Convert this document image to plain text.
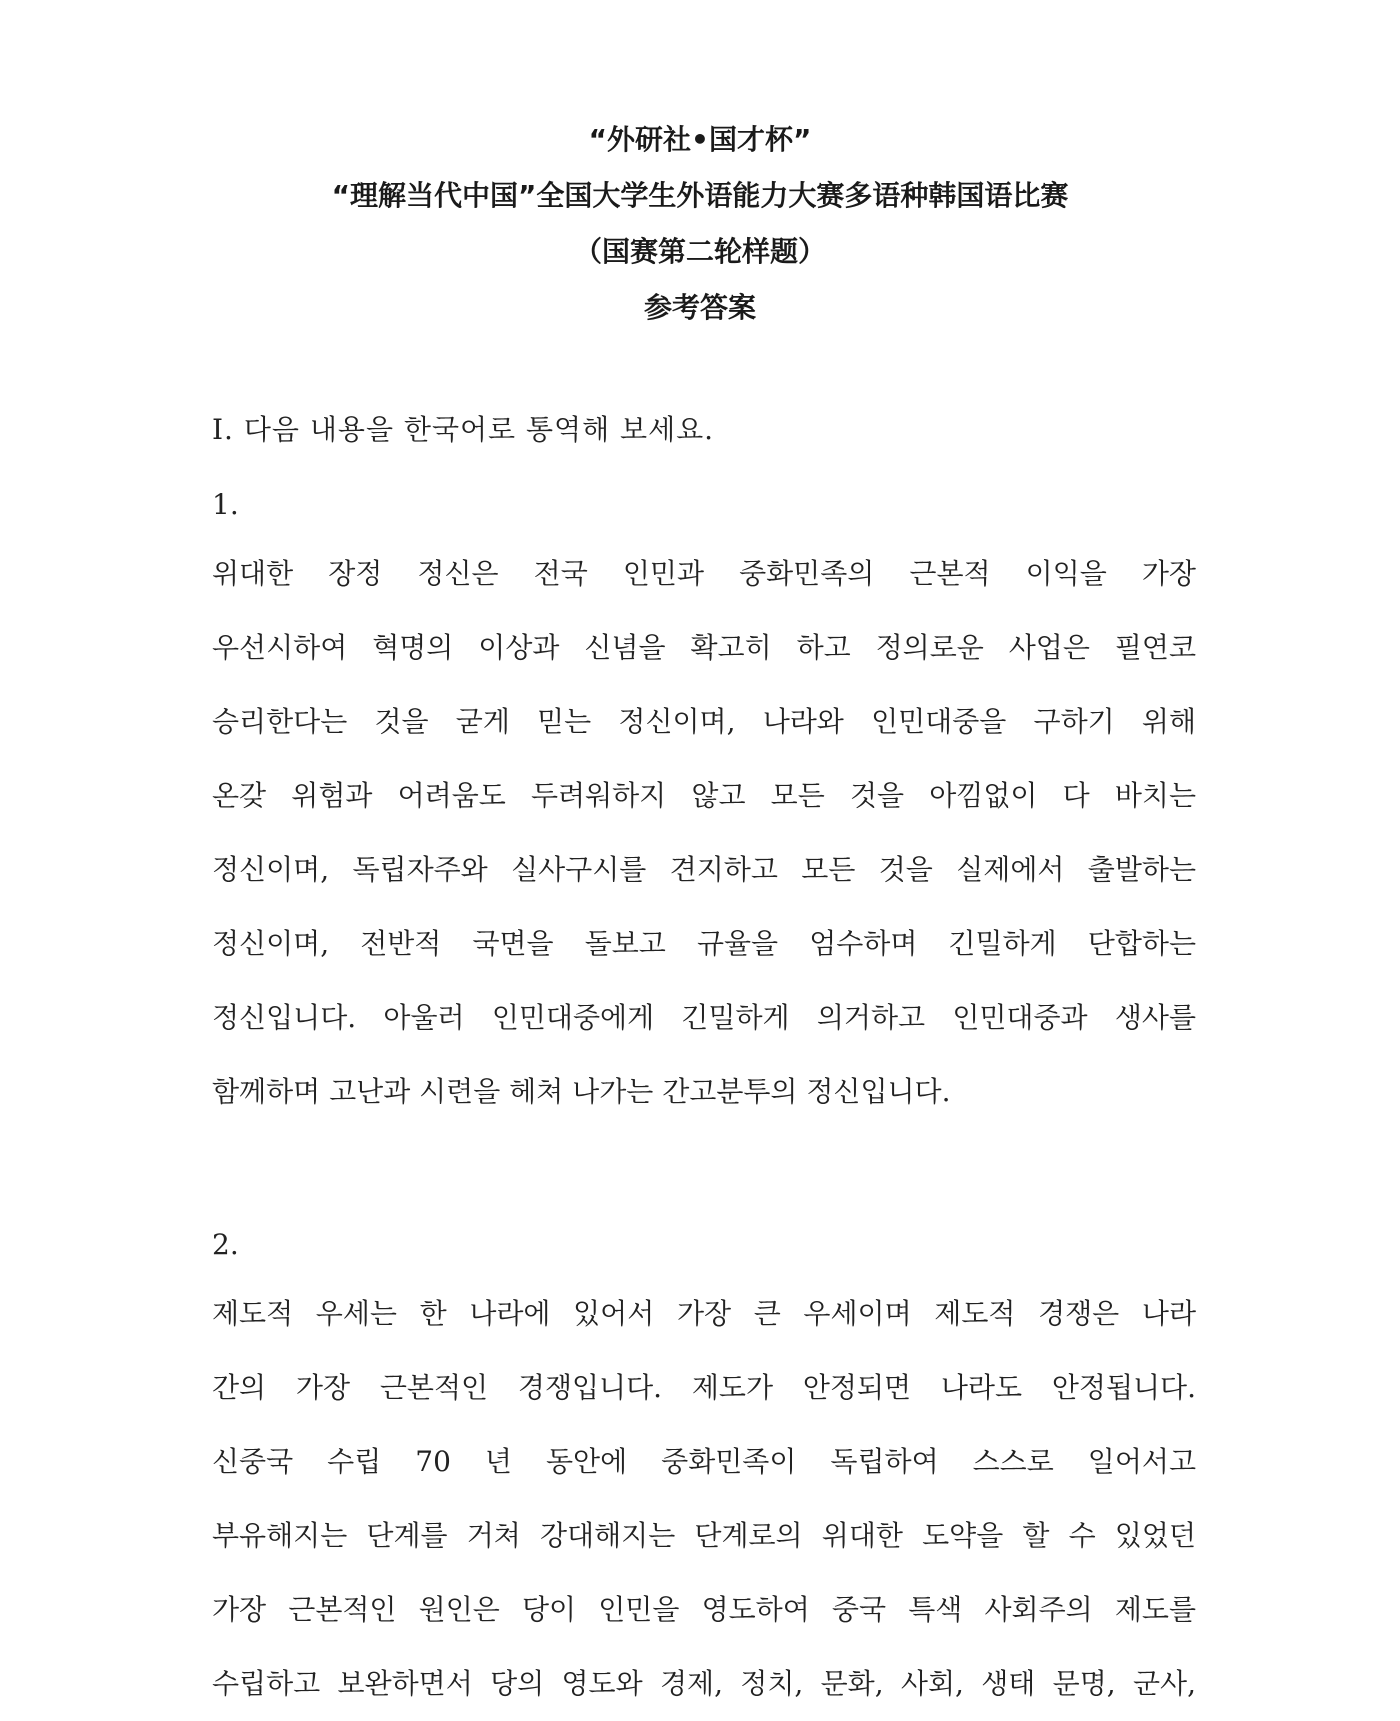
“外研社•国才杯”
“理解当代中国”全国大学生外语能力大赛多语种韩国语比赛
（国赛第二轮样题）
参考答案
I. 다음 내용을 한국어로 통역해 보세요.
1.
위대한 장정 정신은 전국 인민과 중화민족의 근본적 이익을 가장
우선시하여 혁명의 이상과 신념을 확고히 하고 정의로운 사업은 필연코
승리한다는 것을 굳게 믿는 정신이며, 나라와 인민대중을 구하기 위해
온갖 위험과 어려움도 두려워하지 않고 모든 것을 아낌없이 다 바치는
정신이며, 독립자주와 실사구시를 견지하고 모든 것을 실제에서 출발하는
정신이며, 전반적 국면을 돌보고 규율을 엄수하며 긴밀하게 단합하는
정신입니다. 아울러 인민대중에게 긴밀하게 의거하고 인민대중과 생사를
함께하며 고난과 시련을 헤쳐 나가는 간고분투의 정신입니다.
2.
제도적 우세는 한 나라에 있어서 가장 큰 우세이며 제도적 경쟁은 나라
간의 가장 근본적인 경쟁입니다. 제도가 안정되면 나라도 안정됩니다.
신중국 수립 70 년 동안에 중화민족이 독립하여 스스로 일어서고
부유해지는 단계를 거쳐 강대해지는 단계로의 위대한 도약을 할 수 있었던
가장 근본적인 원인은 당이 인민을 영도하여 중국 특색 사회주의 제도를
수립하고 보완하면서 당의 영도와 경제, 정치, 문화, 사회, 생태 문명, 군사,
